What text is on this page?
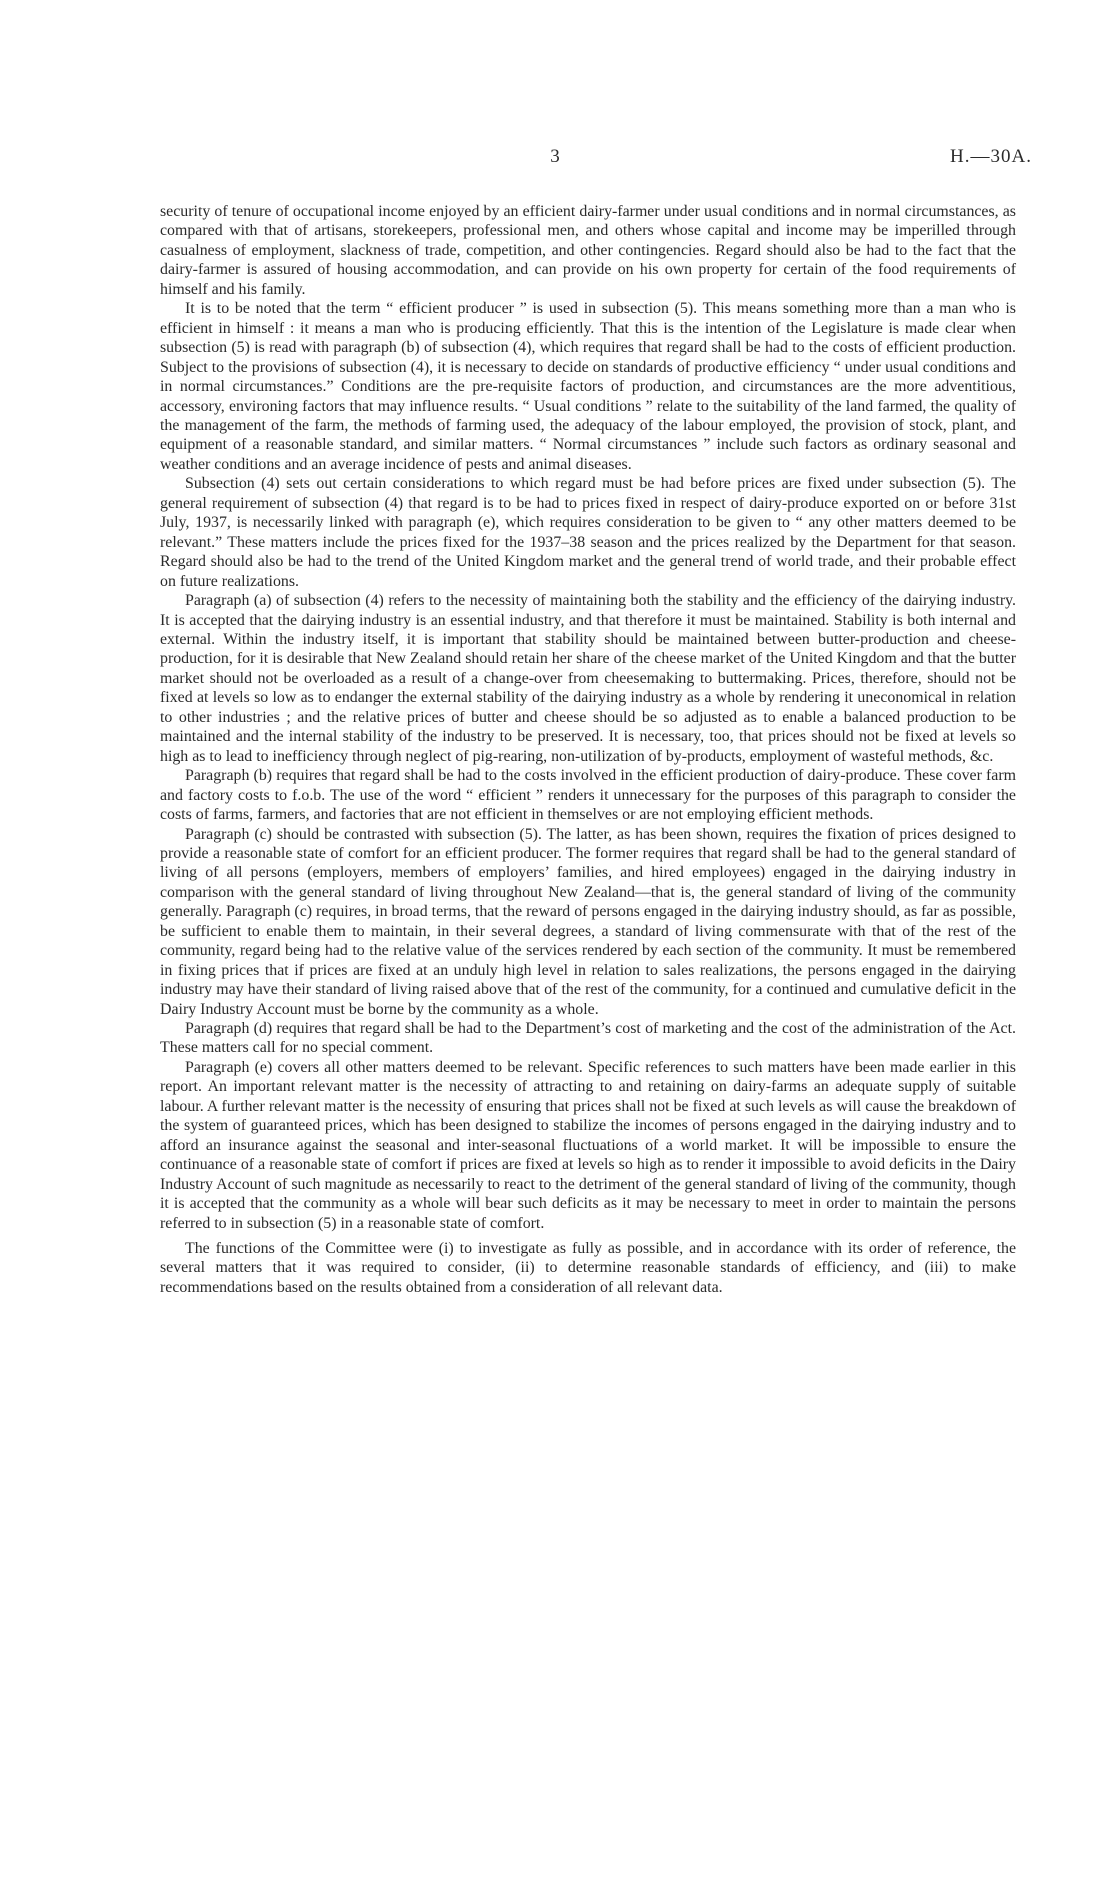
3	H.—30A.

security of tenure of occupational income enjoyed by an efficient dairy-farmer under usual conditions and in normal circumstances, as compared with that of artisans, storekeepers, professional men, and others whose capital and income may be imperilled through casualness of employment, slackness of trade, competition, and other contingencies. Regard should also be had to the fact that the dairy-farmer is assured of housing accommodation, and can provide on his own property for certain of the food requirements of himself and his family.

It is to be noted that the term “ efficient producer ” is used in subsection (5). This means something more than a man who is efficient in himself : it means a man who is producing efficiently. That this is the intention of the Legislature is made clear when subsection (5) is read with paragraph (b) of subsection (4), which requires that regard shall be had to the costs of efficient production. Subject to the provisions of subsection (4), it is necessary to decide on standards of productive efficiency “ under usual conditions and in normal circumstances.” Conditions are the pre-requisite factors of production, and circumstances are the more adventitious, accessory, environing factors that may influence results. “ Usual conditions ” relate to the suitability of the land farmed, the quality of the management of the farm, the methods of farming used, the adequacy of the labour employed, the provision of stock, plant, and equipment of a reasonable standard, and similar matters. “ Normal circumstances ” include such factors as ordinary seasonal and weather conditions and an average incidence of pests and animal diseases.

Subsection (4) sets out certain considerations to which regard must be had before prices are fixed under subsection (5). The general requirement of subsection (4) that regard is to be had to prices fixed in respect of dairy-produce exported on or before 31st July, 1937, is necessarily linked with paragraph (e), which requires consideration to be given to “ any other matters deemed to be relevant.” These matters include the prices fixed for the 1937–38 season and the prices realized by the Department for that season. Regard should also be had to the trend of the United Kingdom market and the general trend of world trade, and their probable effect on future realizations.

Paragraph (a) of subsection (4) refers to the necessity of maintaining both the stability and the efficiency of the dairying industry. It is accepted that the dairying industry is an essential industry, and that therefore it must be maintained. Stability is both internal and external. Within the industry itself, it is important that stability should be maintained between butter-production and cheese-production, for it is desirable that New Zealand should retain her share of the cheese market of the United Kingdom and that the butter market should not be overloaded as a result of a change-over from cheesemaking to buttermaking. Prices, therefore, should not be fixed at levels so low as to endanger the external stability of the dairying industry as a whole by rendering it uneconomical in relation to other industries ; and the relative prices of butter and cheese should be so adjusted as to enable a balanced production to be maintained and the internal stability of the industry to be preserved. It is necessary, too, that prices should not be fixed at levels so high as to lead to inefficiency through neglect of pig-rearing, non-utilization of by-products, employment of wasteful methods, &c.

Paragraph (b) requires that regard shall be had to the costs involved in the efficient production of dairy-produce. These cover farm and factory costs to f.o.b. The use of the word “ efficient ” renders it unnecessary for the purposes of this paragraph to consider the costs of farms, farmers, and factories that are not efficient in themselves or are not employing efficient methods.

Paragraph (c) should be contrasted with subsection (5). The latter, as has been shown, requires the fixation of prices designed to provide a reasonable state of comfort for an efficient producer. The former requires that regard shall be had to the general standard of living of all persons (employers, members of employers’ families, and hired employees) engaged in the dairying industry in comparison with the general standard of living throughout New Zealand—that is, the general standard of living of the community generally. Paragraph (c) requires, in broad terms, that the reward of persons engaged in the dairying industry should, as far as possible, be sufficient to enable them to maintain, in their several degrees, a standard of living commensurate with that of the rest of the community, regard being had to the relative value of the services rendered by each section of the community. It must be remembered in fixing prices that if prices are fixed at an unduly high level in relation to sales realizations, the persons engaged in the dairying industry may have their standard of living raised above that of the rest of the community, for a continued and cumulative deficit in the Dairy Industry Account must be borne by the community as a whole.

Paragraph (d) requires that regard shall be had to the Department’s cost of marketing and the cost of the administration of the Act. These matters call for no special comment.

Paragraph (e) covers all other matters deemed to be relevant. Specific references to such matters have been made earlier in this report. An important relevant matter is the necessity of attracting to and retaining on dairy-farms an adequate supply of suitable labour. A further relevant matter is the necessity of ensuring that prices shall not be fixed at such levels as will cause the breakdown of the system of guaranteed prices, which has been designed to stabilize the incomes of persons engaged in the dairying industry and to afford an insurance against the seasonal and inter-seasonal fluctuations of a world market. It will be impossible to ensure the continuance of a reasonable state of comfort if prices are fixed at levels so high as to render it impossible to avoid deficits in the Dairy Industry Account of such magnitude as necessarily to react to the detriment of the general standard of living of the community, though it is accepted that the community as a whole will bear such deficits as it may be necessary to meet in order to maintain the persons referred to in subsection (5) in a reasonable state of comfort.

The functions of the Committee were (i) to investigate as fully as possible, and in accordance with its order of reference, the several matters that it was required to consider, (ii) to determine reasonable standards of efficiency, and (iii) to make recommendations based on the results obtained from a consideration of all relevant data.
